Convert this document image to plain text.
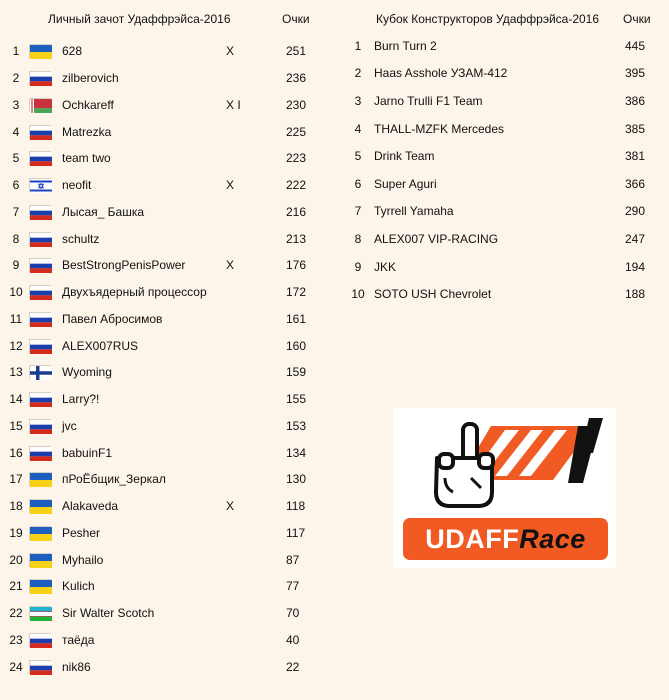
Личный зачот Удаффрэйса-2016	Очки	Кубок Конструкторов Удаффрэйса-2016 Очки
1	628	X	251
2	zilberovich	236
3	Ochkareff	X I	230
4	Matrezka	225
5	team two	223
6	neofit	X	222
7	Лысая_ Башка	216
8	schultz	213
9	BestStrongPenisPower	X	176
10	Двухъядерный процессор	172
11	Павел Абросимов	161
12	ALEX007RUS	160
13	Wyoming	159
14	Larry?!	155
15	jvc	153
16	babuinF1	134
17	пРоЁбщик_Зеркал	130
18	Alakaveda	X	118
19	Pesher	117
20	Myhailo	87
21	Kulich	77
22	Sir Walter Scotch	70
23	таёда	40
24	nik86	22
1	Burn Turn 2	445
2	Haas Asshole УЗАМ-412	395
3	Jarno Trulli F1 Team	386
4	THALL-MZFK Mercedes	385
5	Drink Team	381
6	Super Aguri	366
7	Tyrrell Yamaha	290
8	ALEX007 VIP-RACING	247
9	JKK	194
10 SOTO USH Chevrolet	188
UDAFFRace
